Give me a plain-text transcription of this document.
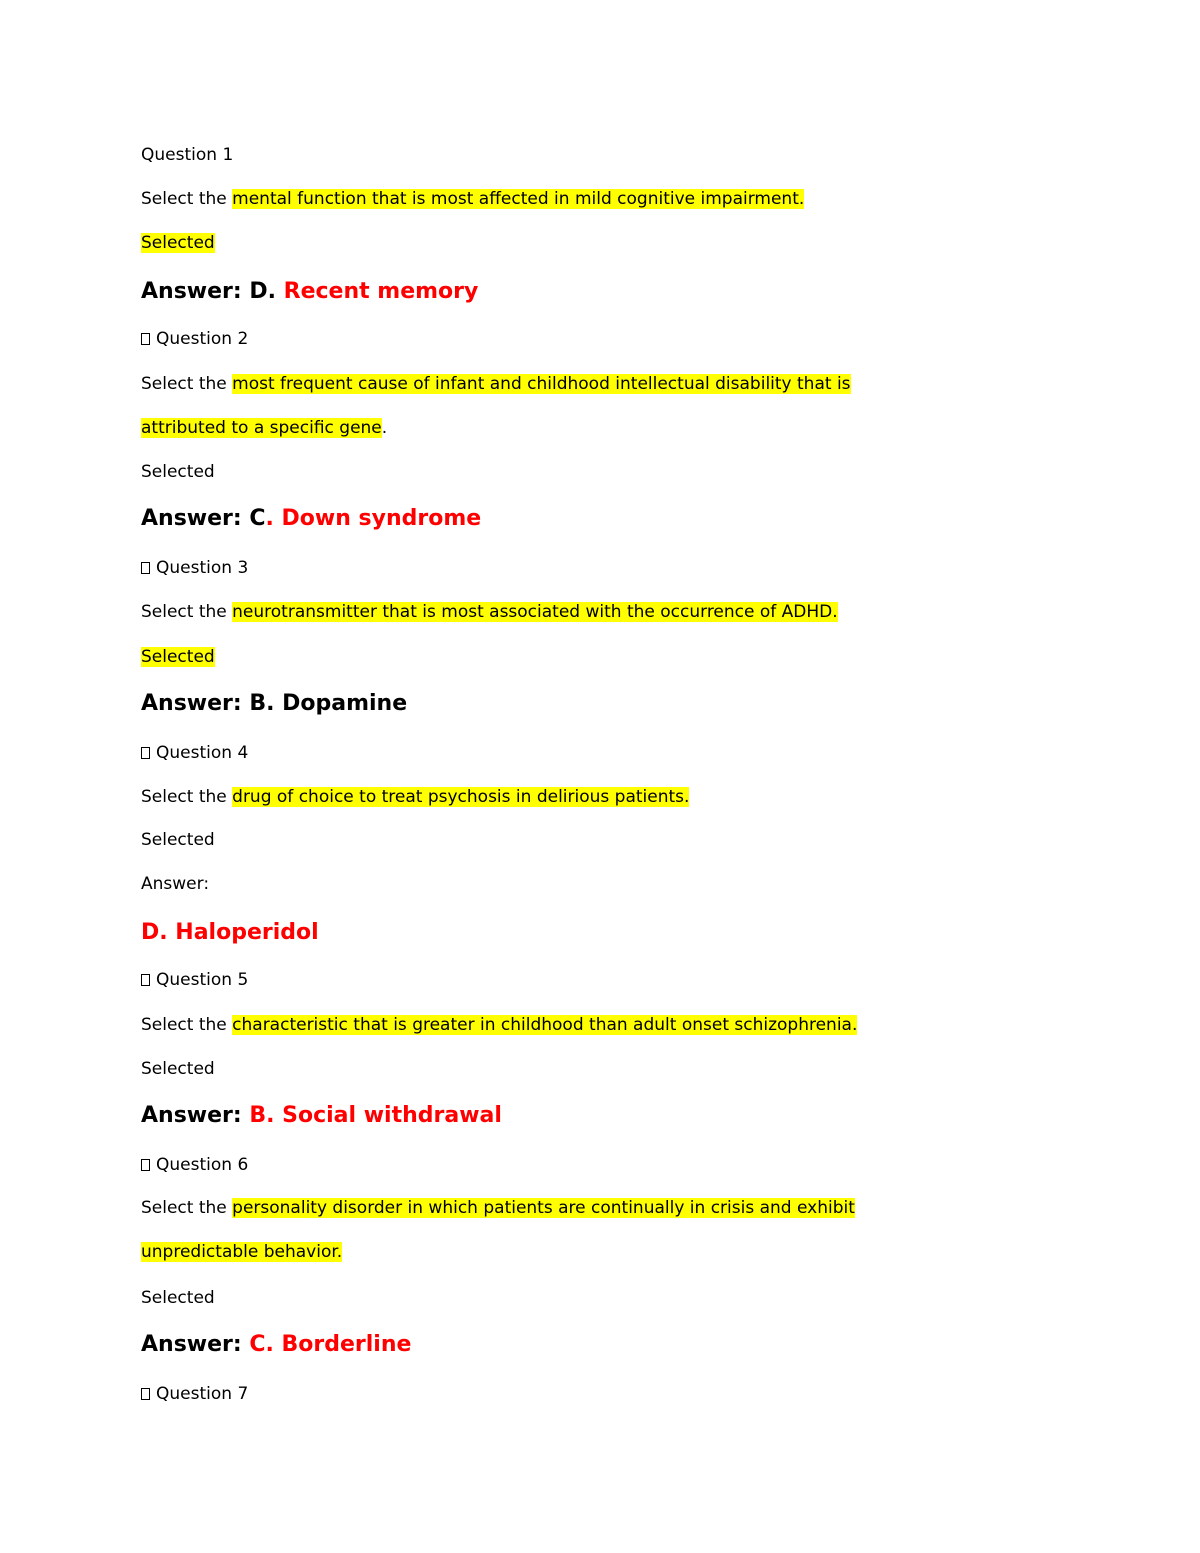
Question 1
Select the mental function that is most affected in mild cognitive impairment.
Selected
Answer: D. Recent memory
Question 2
Select the most frequent cause of infant and childhood intellectual disability that is
attributed to a specific gene.
Selected
Answer: C. Down syndrome
Question 3
Select the neurotransmitter that is most associated with the occurrence of ADHD.
Selected
Answer: B. Dopamine
Question 4
Select the drug of choice to treat psychosis in delirious patients.
Selected
Answer:
D. Haloperidol
Question 5
Select the characteristic that is greater in childhood than adult onset schizophrenia.
Selected
Answer: B. Social withdrawal
Question 6
Select the personality disorder in which patients are continually in crisis and exhibit
unpredictable behavior.
Selected
Answer: C. Borderline
Question 7
